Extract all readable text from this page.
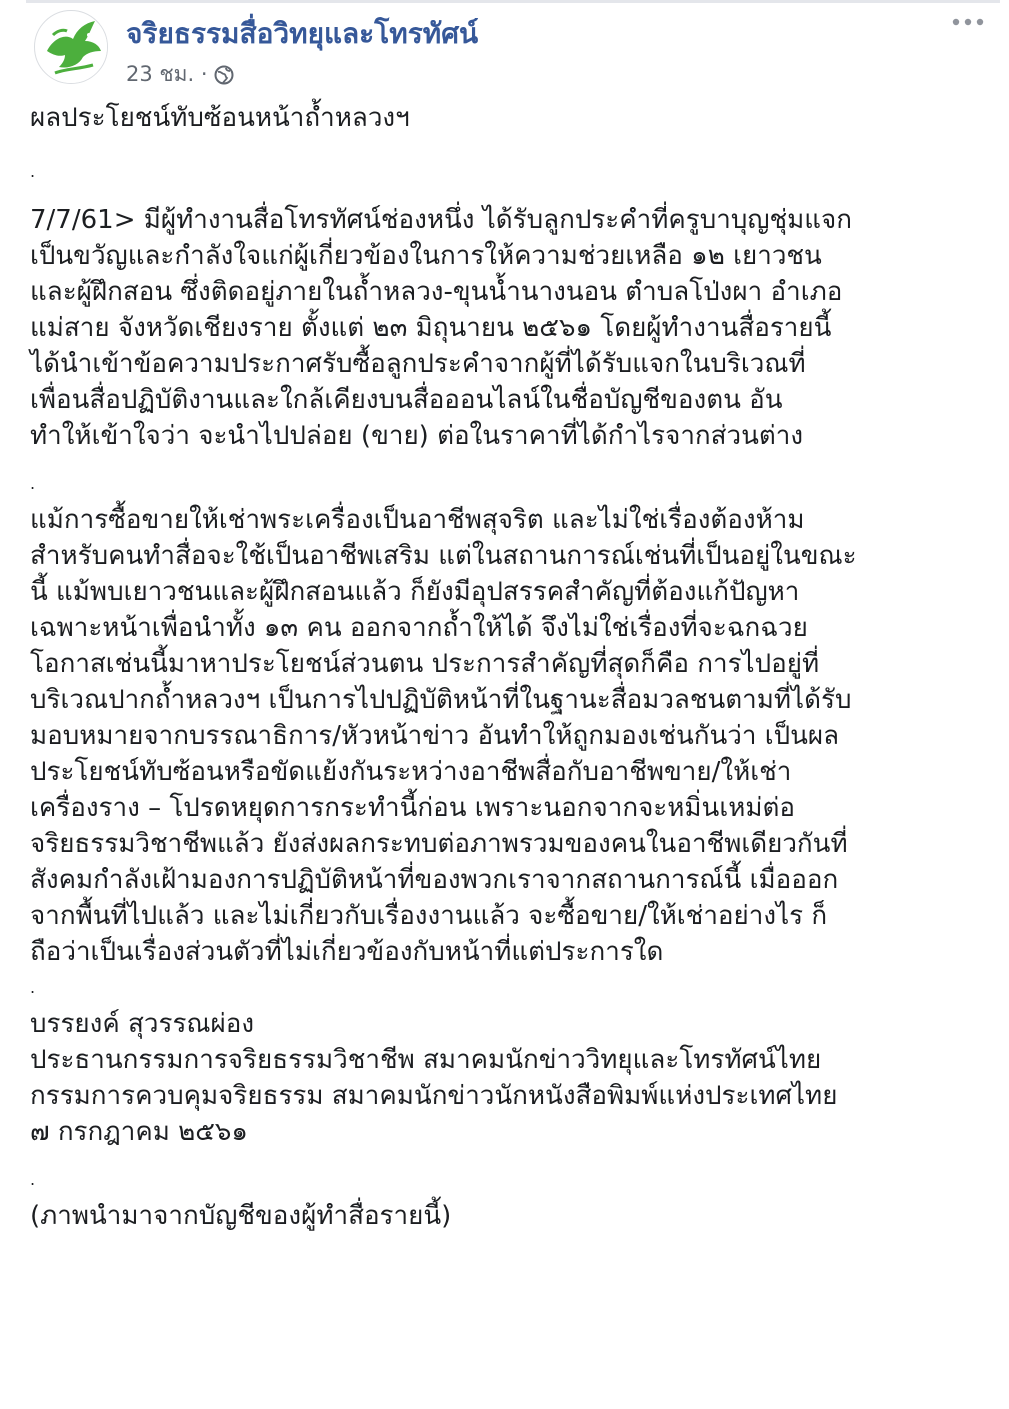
จริยธรรมสื่อวิทยุและโทรทัศน์
23 ชม. ·

ผลประโยชน์ทับซ้อนหน้าถ้ำหลวงฯ

.

7/7/61> มีผู้ทำงานสื่อโทรทัศน์ช่องหนึ่ง ได้รับลูกประคำที่ครูบาบุญชุ่มแจก

เป็นขวัญและกำลังใจแก่ผู้เกี่ยวข้องในการให้ความช่วยเหลือ ๑๒ เยาวชน

และผู้ฝึกสอน ซึ่งติดอยู่ภายในถ้ำหลวง-ขุนน้ำนางนอน ตำบลโป่งผา อำเภอ

แม่สาย จังหวัดเชียงราย ตั้งแต่ ๒๓ มิถุนายน ๒๕๖๑ โดยผู้ทำงานสื่อรายนี้

ได้นำเข้าข้อความประกาศรับซื้อลูกประคำจากผู้ที่ได้รับแจกในบริเวณที่

เพื่อนสื่อปฏิบัติงานและใกล้เคียงบนสื่อออนไลน์ในชื่อบัญชีของตน อัน

ทำให้เข้าใจว่า จะนำไปปล่อย (ขาย) ต่อในราคาที่ได้กำไรจากส่วนต่าง

.

แม้การซื้อขายให้เช่าพระเครื่องเป็นอาชีพสุจริต และไม่ใช่เรื่องต้องห้าม

สำหรับคนทำสื่อจะใช้เป็นอาชีพเสริม แต่ในสถานการณ์เช่นที่เป็นอยู่ในขณะ

นี้ แม้พบเยาวชนและผู้ฝึกสอนแล้ว ก็ยังมีอุปสรรคสำคัญที่ต้องแก้ปัญหา

เฉพาะหน้าเพื่อนำทั้ง ๑๓ คน ออกจากถ้ำให้ได้ จึงไม่ใช่เรื่องที่จะฉกฉวย

โอกาสเช่นนี้มาหาประโยชน์ส่วนตน ประการสำคัญที่สุดก็คือ การไปอยู่ที่

บริเวณปากถ้ำหลวงฯ เป็นการไปปฏิบัติหน้าที่ในฐานะสื่อมวลชนตามที่ได้รับ

มอบหมายจากบรรณาธิการ/หัวหน้าข่าว อันทำให้ถูกมองเช่นกันว่า เป็นผล

ประโยชน์ทับซ้อนหรือขัดแย้งกันระหว่างอาชีพสื่อกับอาชีพขาย/ให้เช่า

เครื่องราง – โปรดหยุดการกระทำนี้ก่อน เพราะนอกจากจะหมิ่นเหม่ต่อ

จริยธรรมวิชาชีพแล้ว ยังส่งผลกระทบต่อภาพรวมของคนในอาชีพเดียวกันที่

สังคมกำลังเฝ้ามองการปฏิบัติหน้าที่ของพวกเราจากสถานการณ์นี้ เมื่อออก

จากพื้นที่ไปแล้ว และไม่เกี่ยวกับเรื่องงานแล้ว จะซื้อขาย/ให้เช่าอย่างไร ก็

ถือว่าเป็นเรื่องส่วนตัวที่ไม่เกี่ยวข้องกับหน้าที่แต่ประการใด

.

บรรยงค์ สุวรรณผ่อง

ประธานกรรมการจริยธรรมวิชาชีพ สมาคมนักข่าววิทยุและโทรทัศน์ไทย

กรรมการควบคุมจริยธรรม สมาคมนักข่าวนักหนังสือพิมพ์แห่งประเทศไทย

๗ กรกฎาคม ๒๕๖๑

.

(ภาพนำมาจากบัญชีของผู้ทำสื่อรายนี้)
